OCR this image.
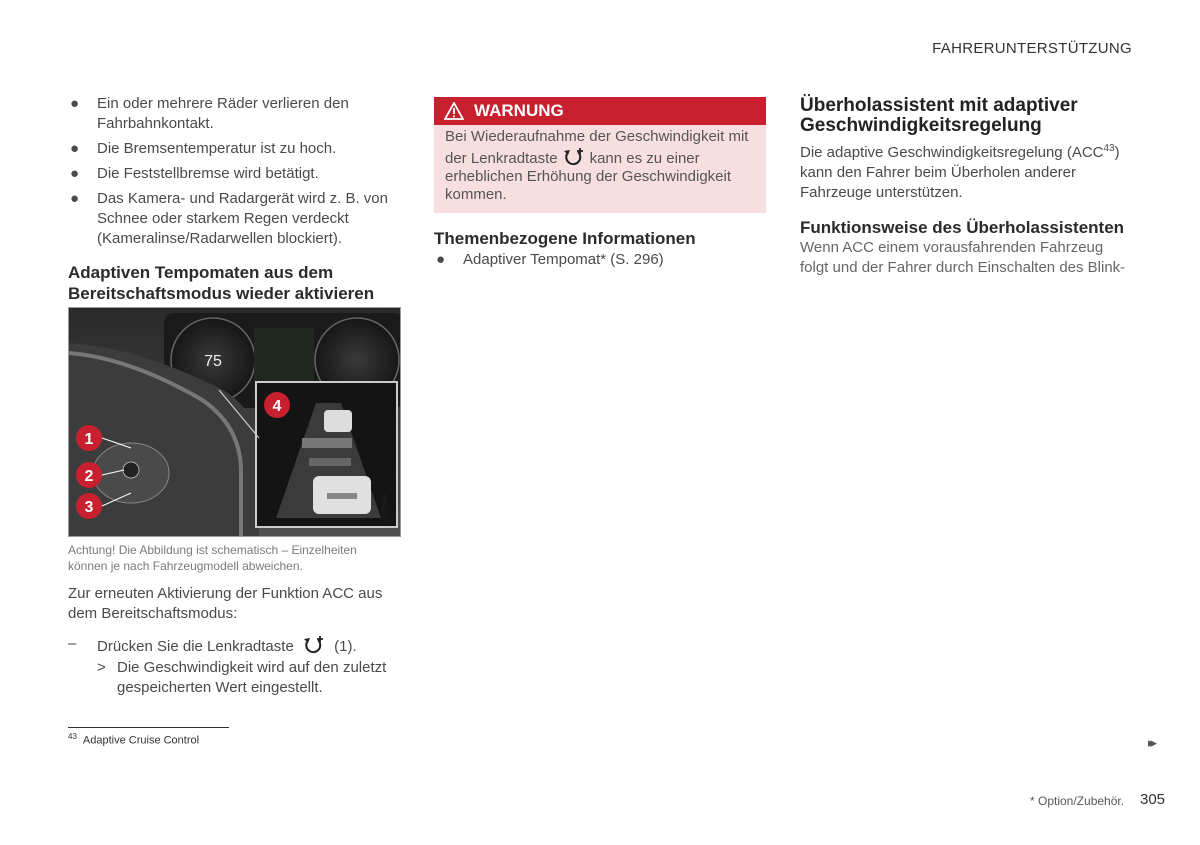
FAHRERUNTERSTÜTZUNG
● Ein oder mehrere Räder verlieren den Fahrbahnkontakt.
● Die Bremsentemperatur ist zu hoch.
● Die Feststellbremse wird betätigt.
● Das Kamera- und Radargerät wird z. B. von Schnee oder starkem Regen verdeckt (Kameralinse/Radarwellen blockiert).
Adaptiven Tempomaten aus dem Bereitschaftsmodus wieder aktivieren
75
1
2
3
4
G052864
Achtung! Die Abbildung ist schematisch – Einzelheiten können je nach Fahrzeugmodell abweichen.
Zur erneuten Aktivierung der Funktion ACC aus dem Bereitschaftsmodus:
– Drücken Sie die Lenkradtaste	(1).
> Die Geschwindigkeit wird auf den zuletzt gespeicherten Wert eingestellt.
$^{43}$ Adaptive Cruise Control
WARNUNG
Bei Wiederaufnahme der Geschwindigkeit mit
der Lenkradtaste kann es zu einer erheblichen Erhöhung der Geschwindigkeit kommen.
Themenbezogene Informationen
● Adaptiver Tempomat* (S. 296)
Überholassistent mit adaptiver Geschwindigkeitsregelung

Die adaptive Geschwindigkeitsregelung (ACC$^{43}$) kann den Fahrer beim Überholen anderer Fahrzeuge unterstützen.

Funktionsweise des Überholassistenten

Wenn ACC einem vorausfahrenden Fahrzeug folgt und der Fahrer durch Einschalten des Blink-

▸▸
* Option/Zubehör. 305
